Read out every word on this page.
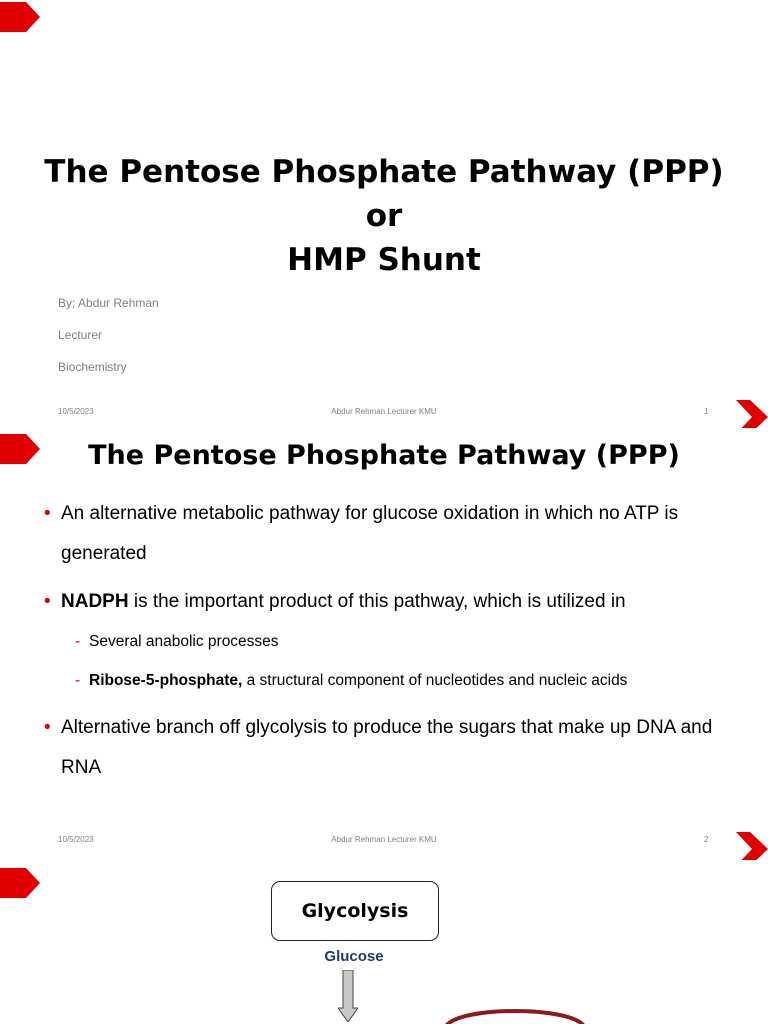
The Pentose Phosphate Pathway (PPP)
or
HMP Shunt
By; Abdur Rehman
Lecturer
Biochemistry
10/5/2023	Abdur Rehman Lecturer KMU	1
The Pentose Phosphate Pathway (PPP)
• An alternative metabolic pathway for glucose oxidation in which no ATP is generated
• NADPH is the important product of this pathway, which is utilized in
- Several anabolic processes
- Ribose-5-phosphate, a structural component of nucleotides and nucleic acids
• Alternative branch off glycolysis to produce the sugars that make up DNA and RNA
10/5/2023	Abdur Rehman Lecturer KMU	2
Glycolysis
Glucose
